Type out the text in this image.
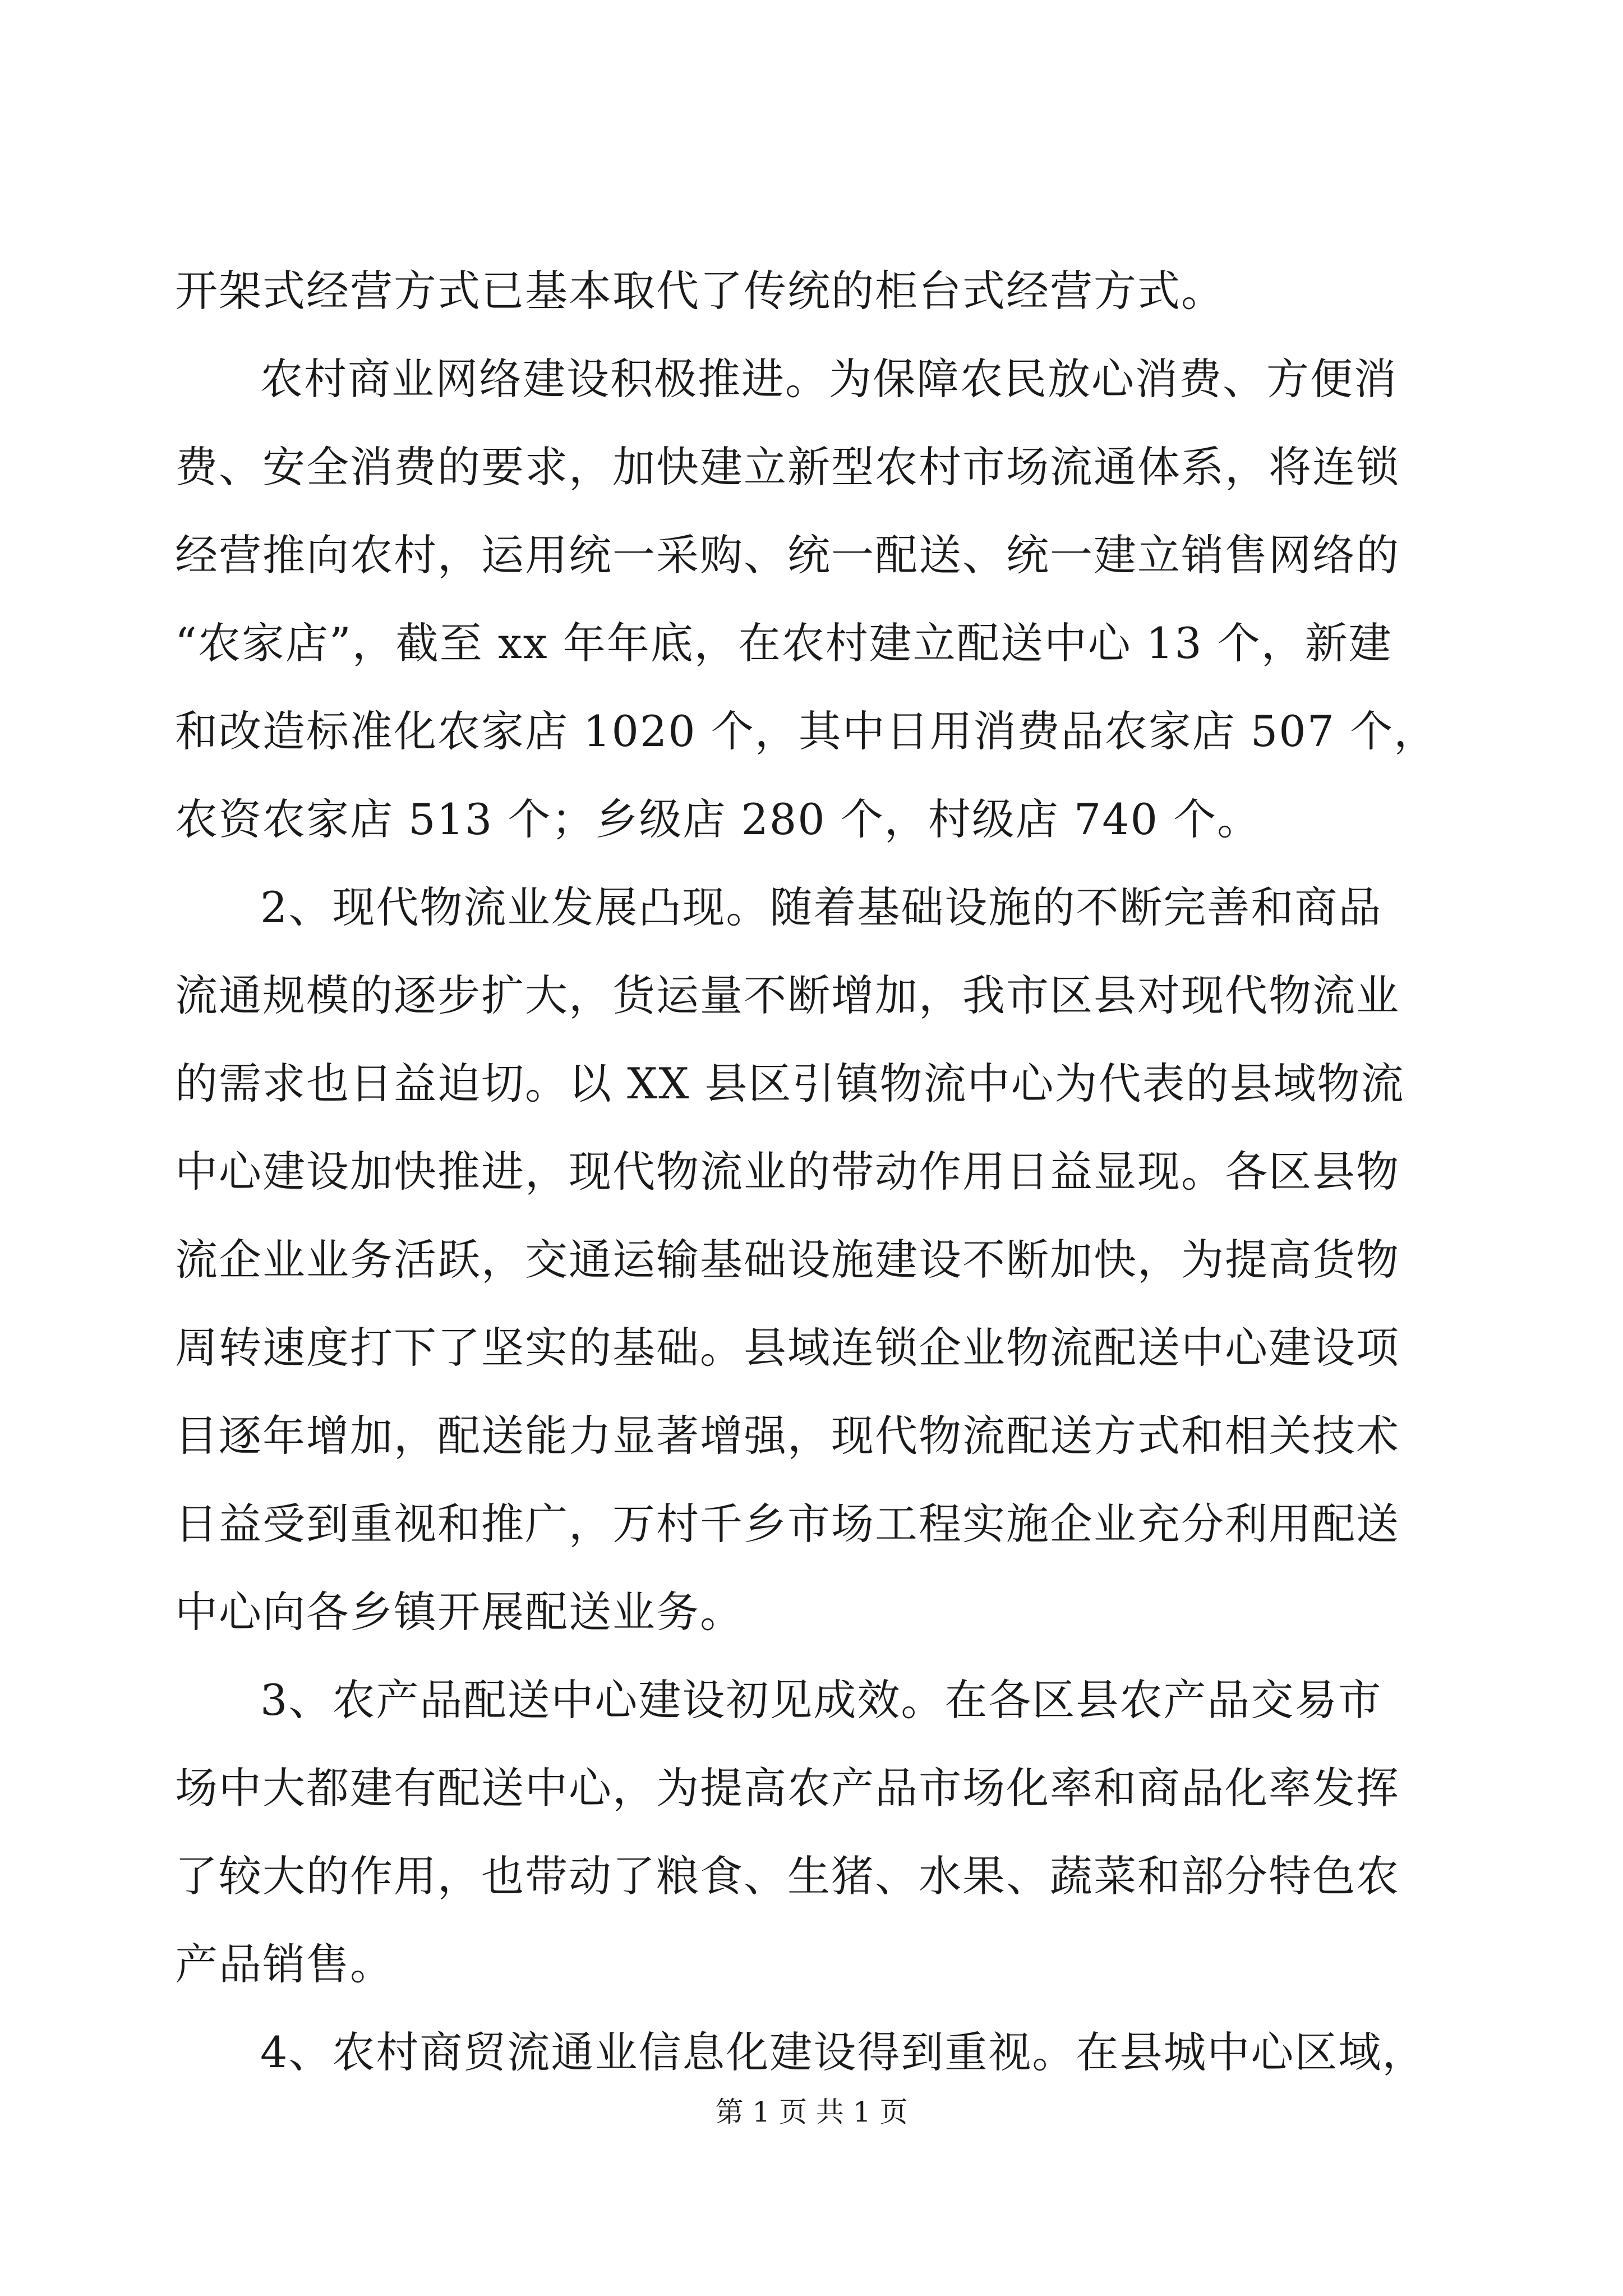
开架式经营方式已基本取代了传统的柜台式经营方式。
农村商业网络建设积极推进。为保障农民放心消费、方便消
费、安全消费的要求，加快建立新型农村市场流通体系，将连锁
经营推向农村，运用统一采购、统一配送、统一建立销售网络的
“农家店”，截至 xx 年年底，在农村建立配送中心 13 个，新建
和改造标准化农家店 1020 个，其中日用消费品农家店 507 个，
农资农家店 513 个；乡级店 280 个，村级店 740 个。
2、现代物流业发展凸现。随着基础设施的不断完善和商品
流通规模的逐步扩大，货运量不断增加，我市区县对现代物流业
的需求也日益迫切。以 XX 县区引镇物流中心为代表的县域物流
中心建设加快推进，现代物流业的带动作用日益显现。各区县物
流企业业务活跃，交通运输基础设施建设不断加快，为提高货物
周转速度打下了坚实的基础。县域连锁企业物流配送中心建设项
目逐年增加，配送能力显著增强，现代物流配送方式和相关技术
日益受到重视和推广，万村千乡市场工程实施企业充分利用配送
中心向各乡镇开展配送业务。
3、农产品配送中心建设初见成效。在各区县农产品交易市
场中大都建有配送中心，为提高农产品市场化率和商品化率发挥
了较大的作用，也带动了粮食、生猪、水果、蔬菜和部分特色农
产品销售。
4、农村商贸流通业信息化建设得到重视。在县城中心区域，
第 1 页 共 1 页
